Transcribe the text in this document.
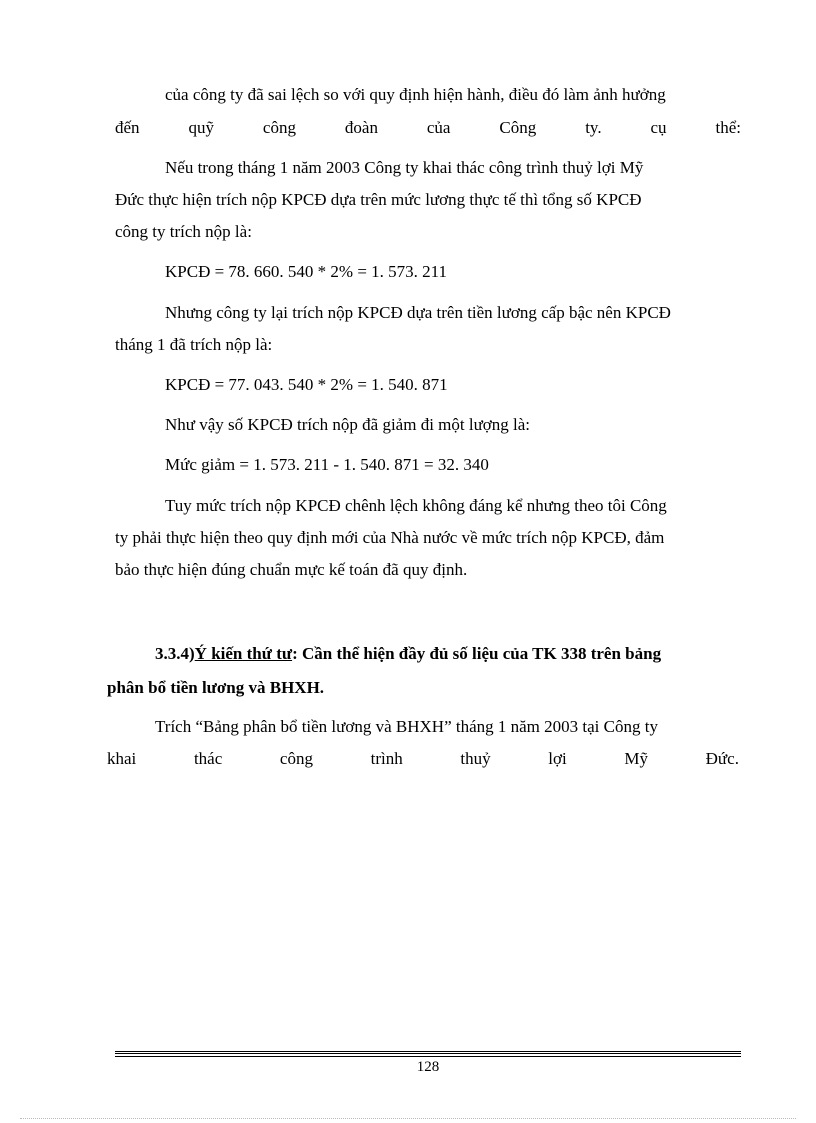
của công ty đã sai lệch so với quy định hiện hành, điều đó làm ảnh hưởng
đến	quỹ	công	đoàn	của	Công	ty.	cụ	thể:
Nếu trong tháng 1 năm 2003 Công ty khai thác công trình thuỷ lợi Mỹ
Đức thực hiện trích nộp KPCĐ dựa trên mức lương thực tế thì tổng số KPCĐ
công ty trích nộp là:
KPCĐ = 78. 660. 540 * 2% = 1. 573. 211
Nhưng công ty lại trích nộp KPCĐ dựa trên tiền lương cấp bậc nên KPCĐ
tháng 1 đã trích nộp là:
KPCĐ = 77. 043. 540 * 2% = 1. 540. 871
Như vậy số KPCĐ trích nộp đã giảm đi một lượng là:
Mức giảm = 1. 573. 211 - 1. 540. 871 = 32. 340
Tuy mức trích nộp KPCĐ chênh lệch không đáng kể nhưng theo tôi Công
ty phải thực hiện theo quy định mới của Nhà nước về mức trích nộp KPCĐ, đảm
bảo thực hiện đúng chuẩn mực kế toán đã quy định.
3.3.4)Ý kiến thứ tư: Cần thể hiện đầy đủ số liệu của TK 338 trên bảng
phân bổ tiền lương và BHXH.
Trích “Bảng phân bổ tiền lương và BHXH” tháng 1 năm 2003 tại Công ty
khai	thác	công	trình	thuỷ	lợi	Mỹ	Đức.
128
